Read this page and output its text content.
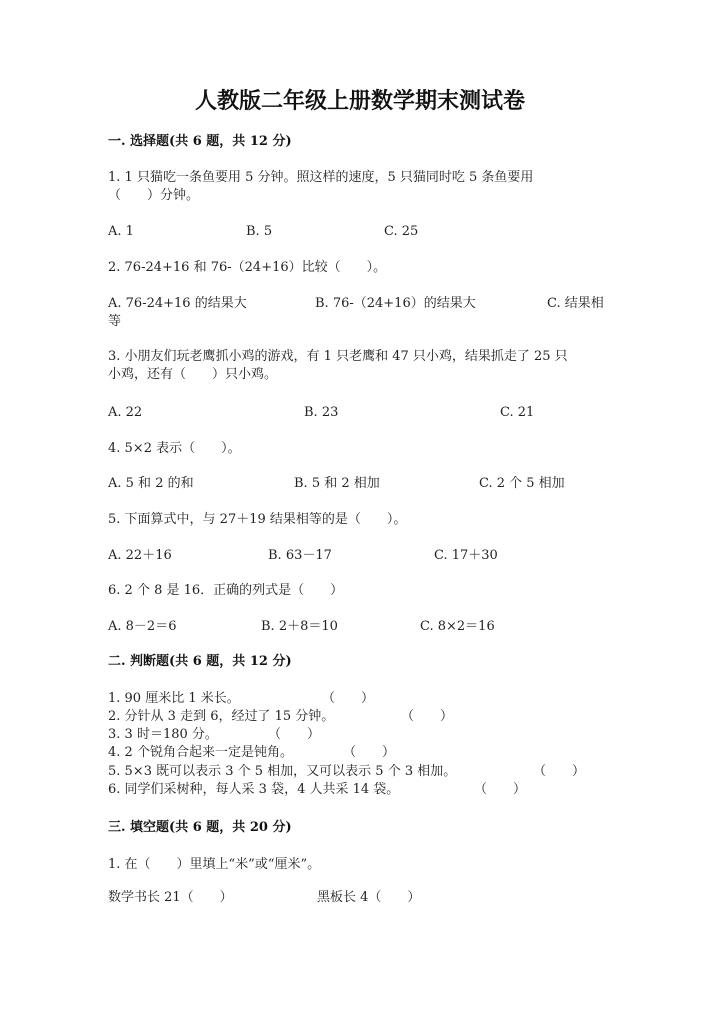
人教版二年级上册数学期末测试卷
一. 选择题(共 6 题，共 12 分)
1. 1 只猫吃一条鱼要用 5 分钟。照这样的速度，5 只猫同时吃 5 条鱼要用
（　　）分钟。
A. 1	B. 5	C. 25
2. 76-24+16 和 76-（24+16）比较（　　）。
A. 76-24+16 的结果大	B. 76-（24+16）的结果大	C. 结果相
等
3. 小朋友们玩老鹰抓小鸡的游戏，有 1 只老鹰和 47 只小鸡，结果抓走了 25 只
小鸡，还有（　　）只小鸡。
A. 22	B. 23	C. 21
4. 5×2 表示（　　）。
A. 5 和 2 的和	B. 5 和 2 相加	C. 2 个 5 相加
5. 下面算式中，与 27＋19 结果相等的是（　　）。
A. 22＋16	B. 63－17	C. 17＋30
6. 2 个 8 是 16．正确的列式是（　　）
A. 8－2＝6	B. 2＋8＝10	C. 8×2＝16
二. 判断题(共 6 题，共 12 分)
1. 90 厘米比 1 米长。	（　　）
2. 分针从 3 走到 6，经过了 15 分钟。	（　　）
3. 3 时＝180 分。	（　　）
4. 2 个锐角合起来一定是钝角。	（　　）
5. 5×3 既可以表示 3 个 5 相加，又可以表示 5 个 3 相加。	（　　）
6. 同学们采树种，每人采 3 袋，4 人共采 14 袋。	（　　）
三. 填空题(共 6 题，共 20 分)
1. 在（　　）里填上“米”或“厘米”。
数学书长 21（　　）	黑板长 4（　　）
